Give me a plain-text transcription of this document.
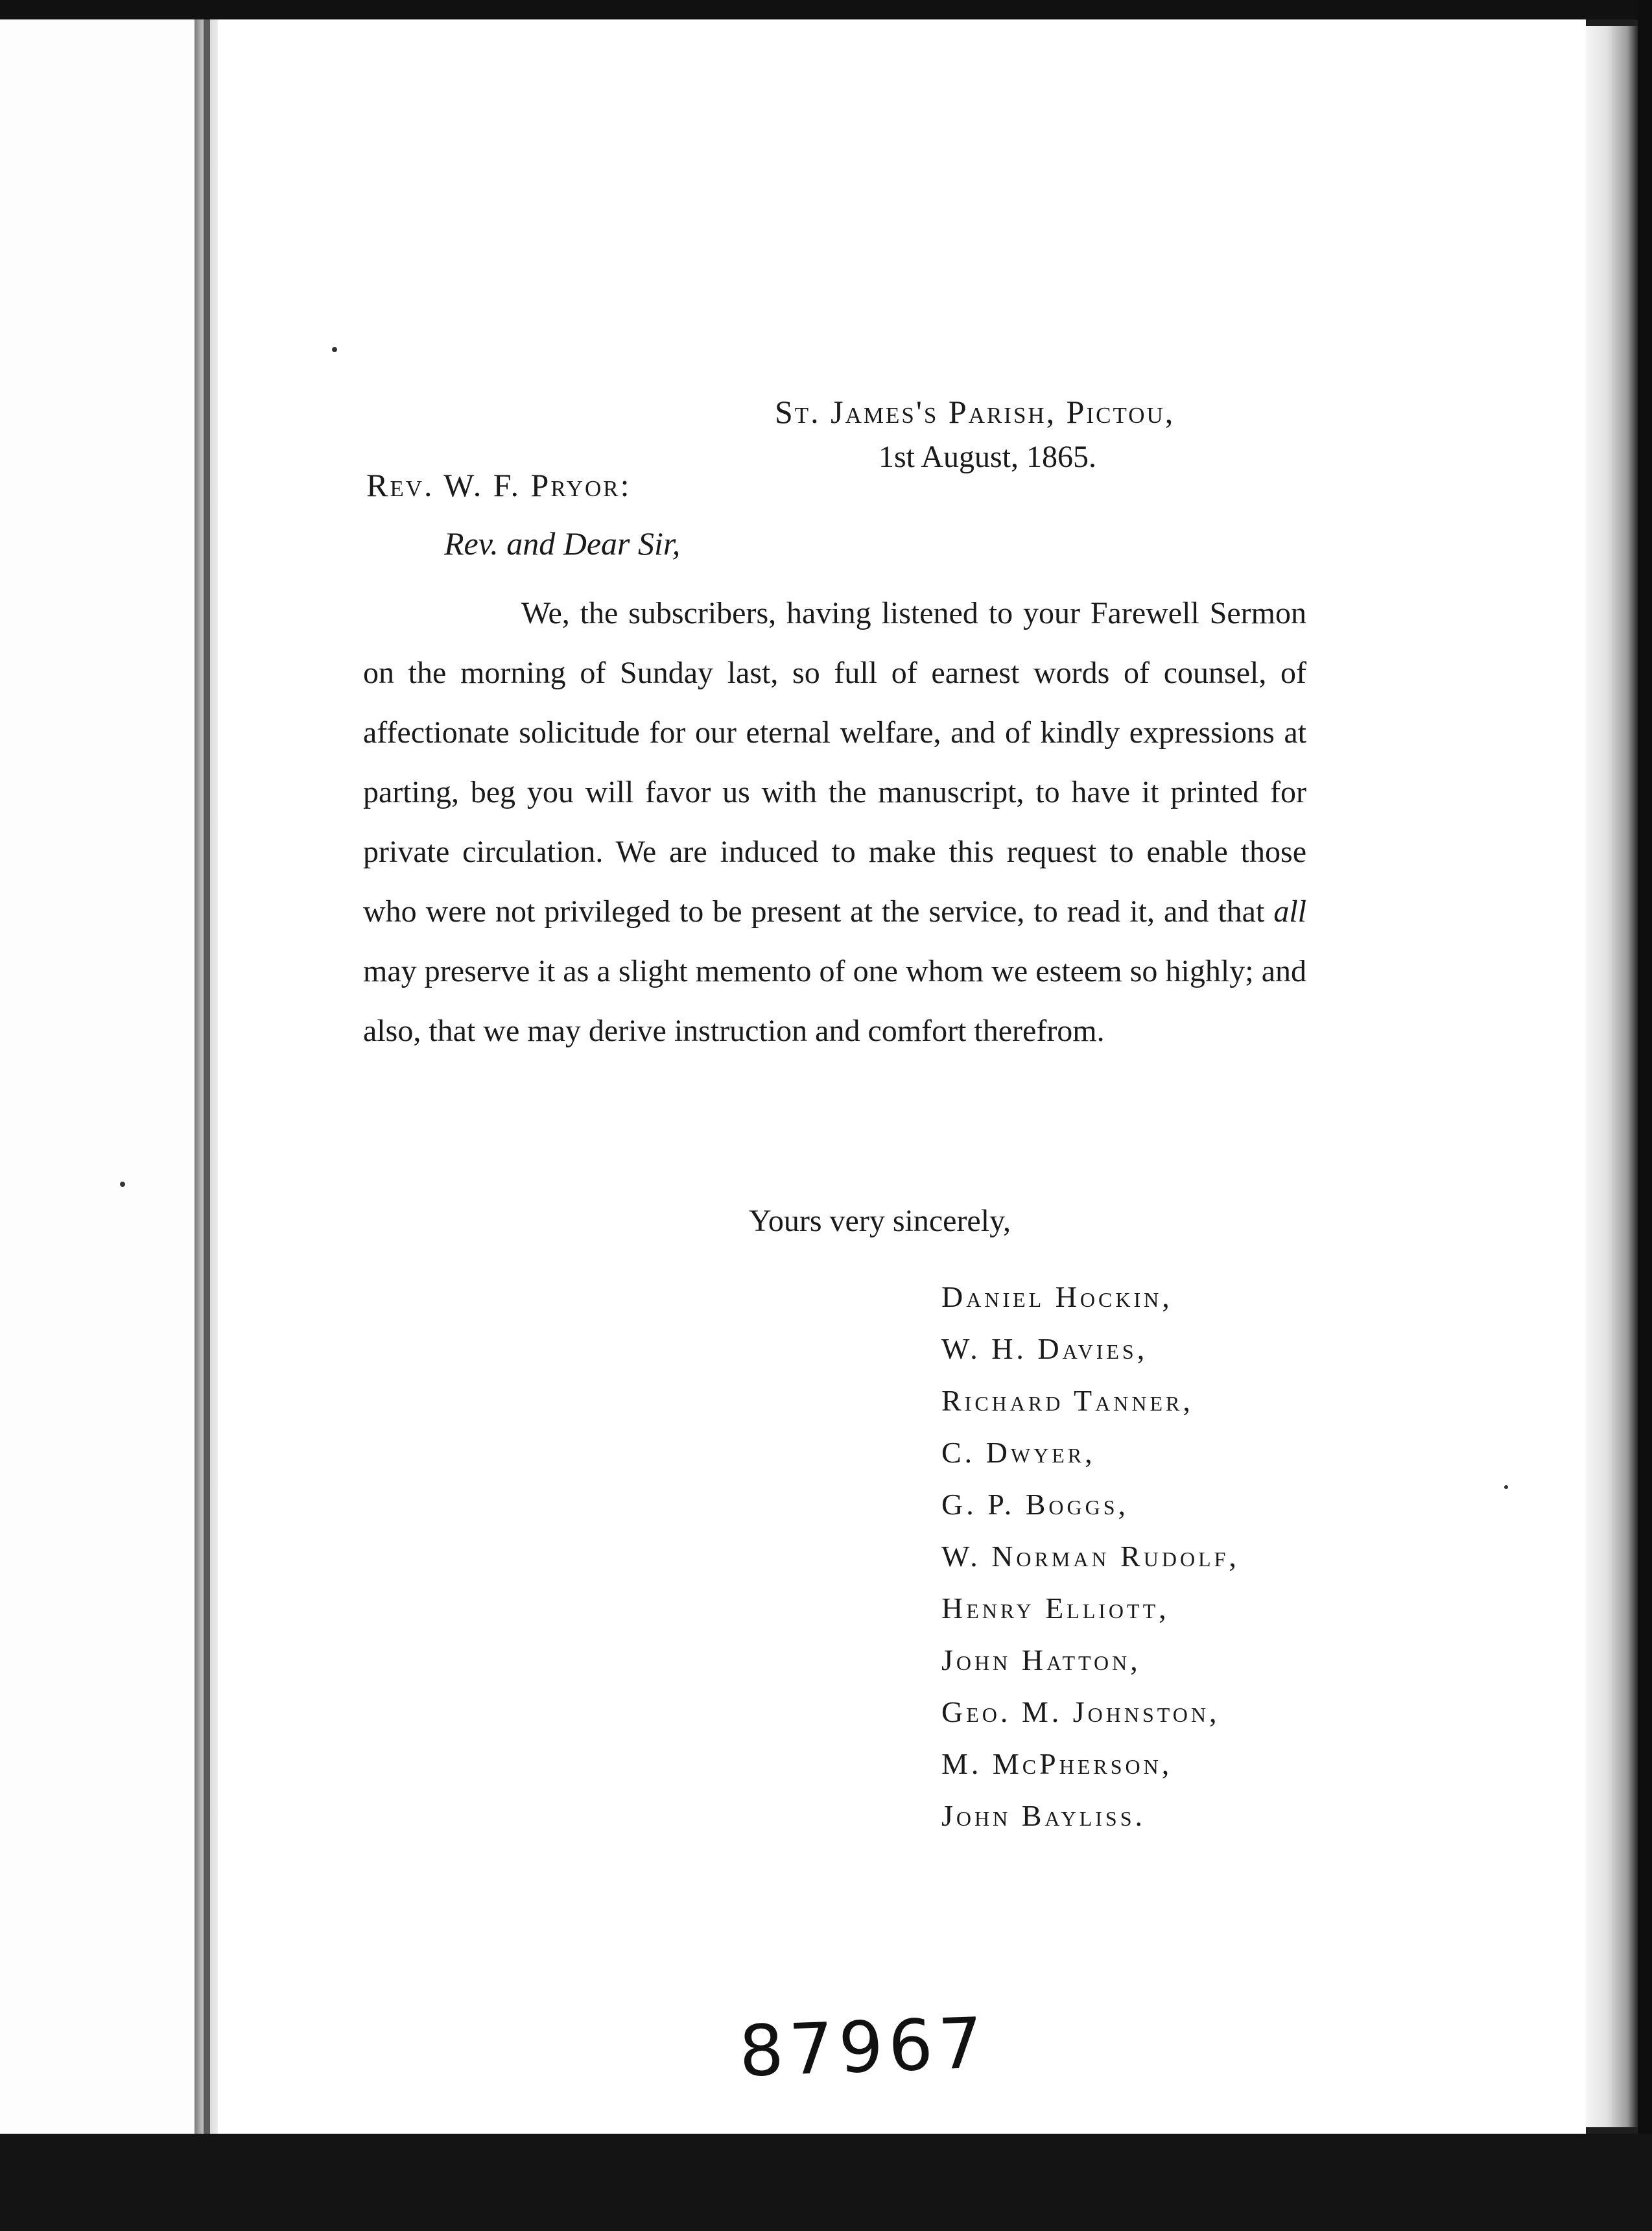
St. James's Parish, Pictou,
1st August, 1865.
Rev. W. F. Pryor:
Rev. and Dear Sir,
We, the subscribers, having listened to your Farewell Sermon on the morning of Sunday last, so full of earnest words of counsel, of affectionate solicitude for our eternal welfare, and of kindly expressions at parting, beg you will favor us with the manuscript, to have it printed for private circulation. We are induced to make this request to enable those who were not privileged to be present at the service, to read it, and that all may preserve it as a slight memento of one whom we esteem so highly; and also, that we may derive instruction and comfort therefrom.
Yours very sincerely,
Daniel Hockin,
W. H. Davies,
Richard Tanner,
C. Dwyer,
G. P. Boggs,
W. Norman Rudolf,
Henry Elliott,
John Hatton,
Geo. M. Johnston,
M. McPherson,
John Bayliss.
87967
